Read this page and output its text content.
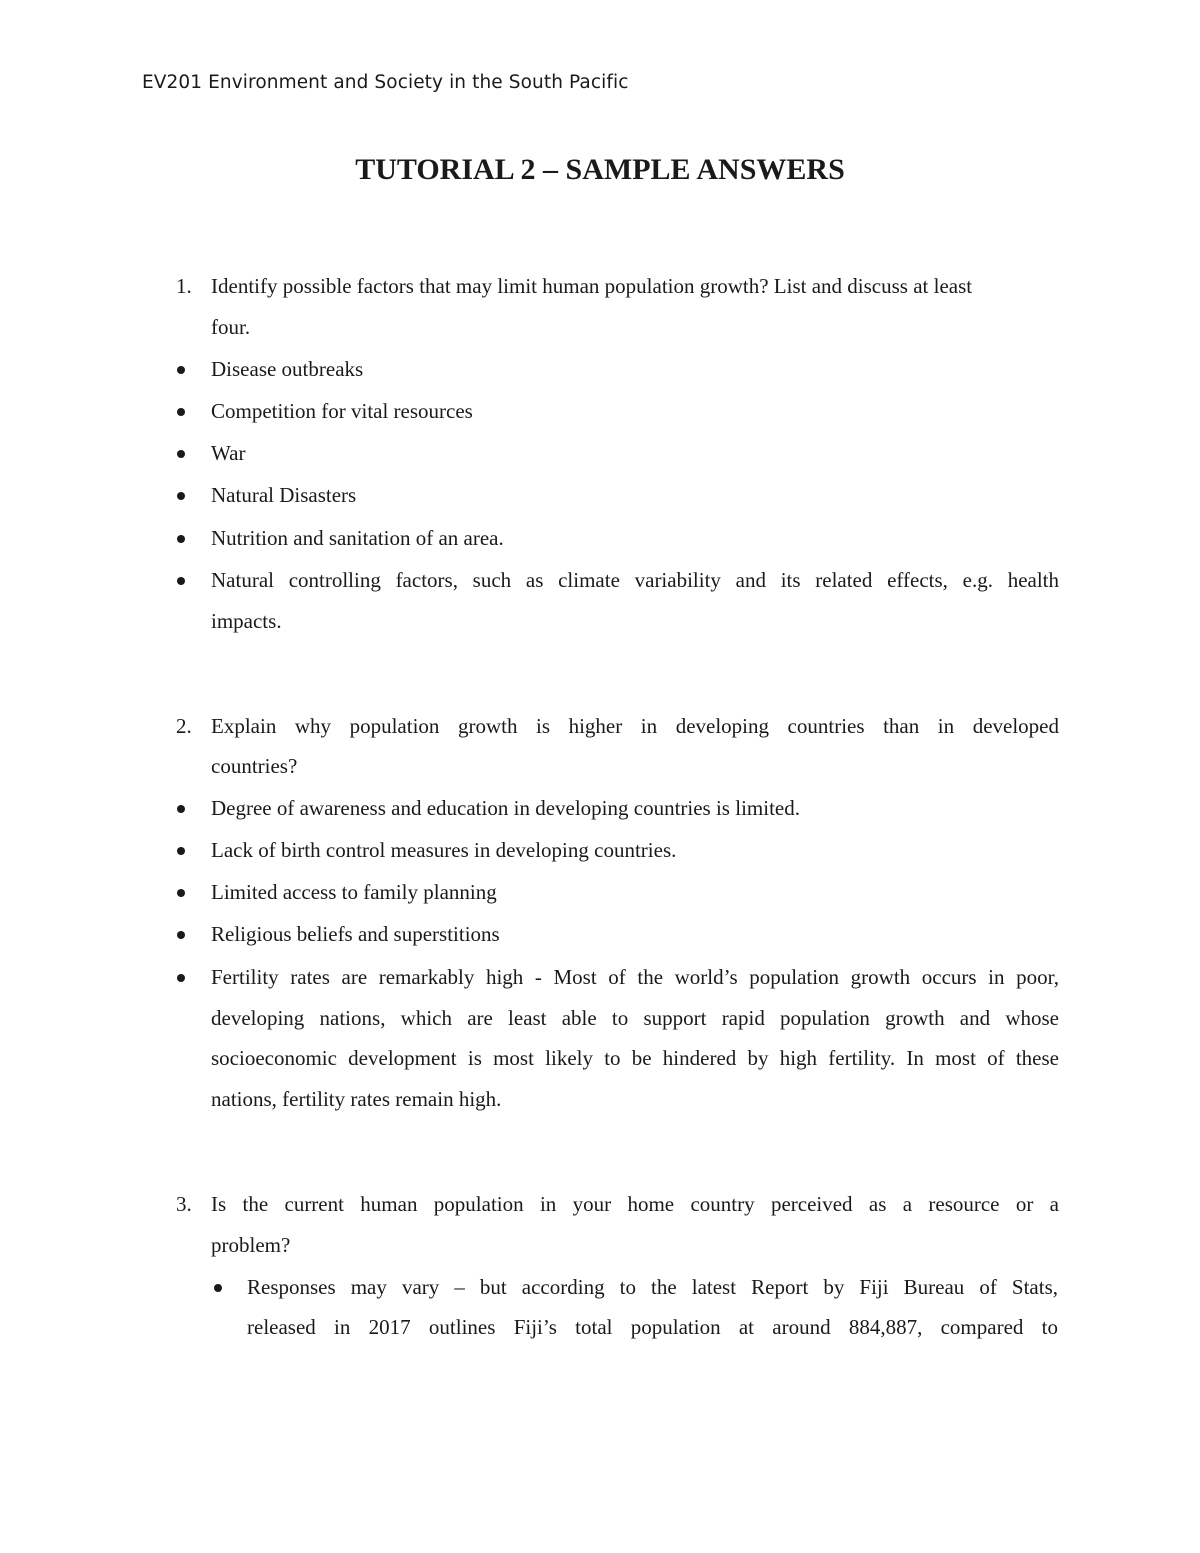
EV201 Environment and Society in the South Pacific
TUTORIAL 2 – SAMPLE ANSWERS
1. Identify possible factors that may limit human population growth? List and discuss at least
four.
Disease outbreaks
Competition for vital resources
War
Natural Disasters
Nutrition and sanitation of an area.
Natural controlling factors, such as climate variability and its related effects, e.g. health
impacts.
2. Explain why population growth is higher in developing countries than in developed
countries?
Degree of awareness and education in developing countries is limited.
Lack of birth control measures in developing countries.
Limited access to family planning
Religious beliefs and superstitions
Fertility rates are remarkably high - Most of the world’s population growth occurs in poor,
developing nations, which are least able to support rapid population growth and whose
socioeconomic development is most likely to be hindered by high fertility. In most of these
nations, fertility rates remain high.
3. Is the current human population in your home country perceived as a resource or a
problem?
Responses may vary – but according to the latest Report by Fiji Bureau of Stats,
released in 2017 outlines Fiji’s total population at around 884,887, compared to
